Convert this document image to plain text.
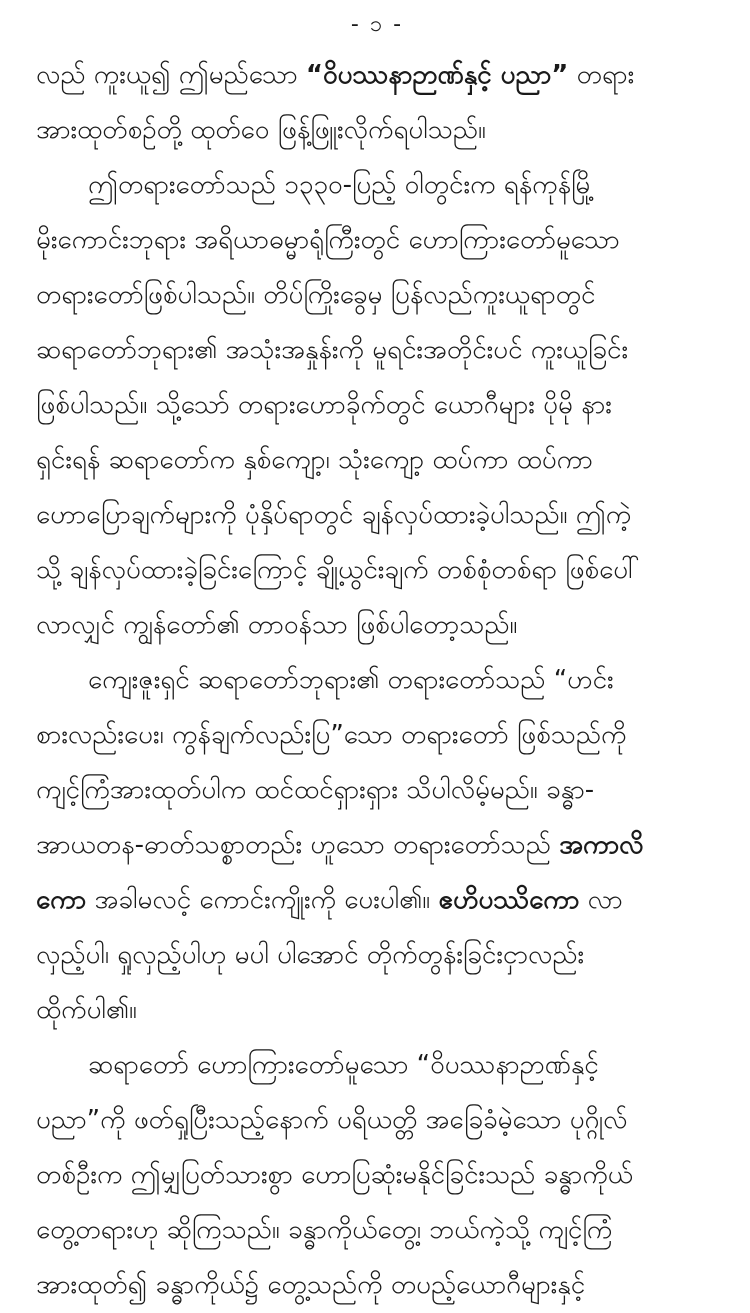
- ၁ -
လည် ကူးယူ၍ ဤမည်သော “ဝိပဿနာဉာဏ်နှင့် ပညာ” တရား
အားထုတ်စဉ်တို့ ထုတ်ဝေ ဖြန့်ဖြူးလိုက်ရပါသည်။
ဤတရားတော်သည် ၁၃၃၀-ပြည့် ဝါတွင်းက ရန်ကုန်မြို့
မိုးကောင်းဘုရား အရိယာဓမ္မာရုံကြီးတွင် ဟောကြားတော်မူသော
တရားတော်ဖြစ်ပါသည်။ တိပ်ကြိုးခွေမှ ပြန်လည်ကူးယူရာတွင်
ဆရာတော်ဘုရား၏ အသုံးအနှုန်းကို မူရင်းအတိုင်းပင် ကူးယူခြင်း
ဖြစ်ပါသည်။ သို့သော် တရားဟောခိုက်တွင် ယောဂီများ ပိုမို နား
ရှင်းရန် ဆရာတော်က နှစ်ကျော့၊ သုံးကျော့ ထပ်ကာ ထပ်ကာ
ဟောပြောချက်များကို ပုံနှိပ်ရာတွင် ချန်လှပ်ထားခဲ့ပါသည်။ ဤကဲ့
သို့ ချန်လှပ်ထားခဲ့ခြင်းကြောင့် ချို့ယွင်းချက် တစ်စုံတစ်ရာ ဖြစ်ပေါ်
လာလျှင် ကျွန်တော်၏ တာဝန်သာ ဖြစ်ပါတော့သည်။
ကျေးဇူးရှင် ဆရာတော်ဘုရား၏ တရားတော်သည် “ဟင်း
စားလည်းပေး၊ ကွန်ချက်လည်းပြ”သော တရားတော် ဖြစ်သည်ကို
ကျင့်ကြံအားထုတ်ပါက ထင်ထင်ရှားရှား သိပါလိမ့်မည်။ ခန္ဓာ-
အာယတန-ဓာတ်သစ္စာတည်း ဟူသော တရားတော်သည် အကာလိ
ကော အခါမလင့် ကောင်းကျိုးကို ပေးပါ၏။ ဧဟိပဿိကော လာ
လှည့်ပါ၊ ရှုလှည့်ပါဟု မပါ ပါအောင် တိုက်တွန်းခြင်းငှာလည်း
ထိုက်ပါ၏။
ဆရာတော် ဟောကြားတော်မူသော “ဝိပဿနာဉာဏ်နှင့်
ပညာ”ကို ဖတ်ရှုပြီးသည့်နောက် ပရိယတ္တိ အခြေခံမဲ့သော ပုဂ္ဂိုလ်
တစ်ဦးက ဤမျှပြတ်သားစွာ ဟောပြဆုံးမနိုင်ခြင်းသည် ခန္ဓာကိုယ်
တွေ့တရားဟု ဆိုကြသည်။ ခန္ဓာကိုယ်တွေ့၊ ဘယ်ကဲ့သို့ ကျင့်ကြံ
အားထုတ်၍ ခန္ဓာကိုယ်၌ တွေ့သည်ကို တပည့်ယောဂီများနှင့်
